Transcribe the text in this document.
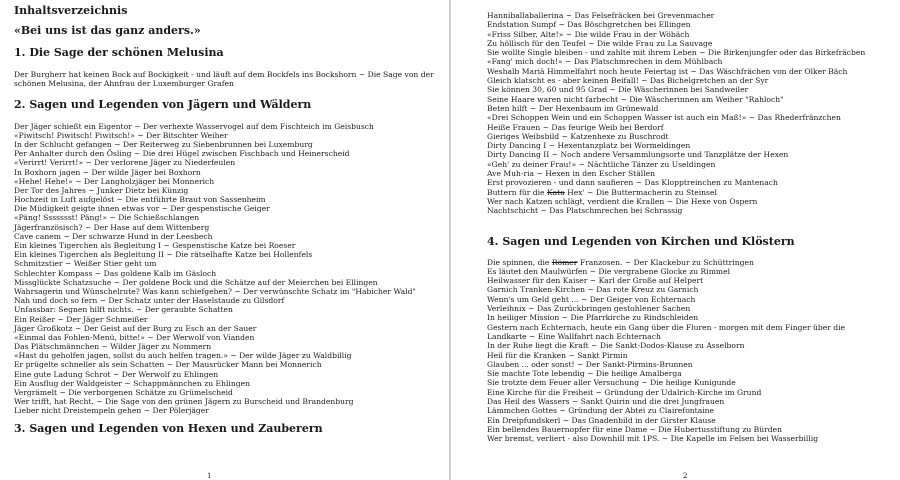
Inhaltsverzeichnis
«Bei uns ist das ganz anders.»
1. Die Sage der schönen Melusina

Der Burgherr hat keinen Bock auf Bockigkeit - und läuft auf dem Bockfels ins Bockshorn ~ Die Sage von der schönen Melusina, der Ahnfrau der Luxemburger Grafen

2. Sagen und Legenden von Jägern und Wäldern
Der Jäger schießt ein Eigentor ~ Der verhexte Wasservogel auf dem Fischteich im Geisbusch
«Piwitsch! Piwitsch! Piwitsch!» ~ Der Bitschter Weiher
In der Schlucht gefangen ~ Der Reiterweg zu Siebenbrunnen bei Luxemburg
Per Anhalter durch den Ösling ~ Die drei Hügel zwischen Fischbach und Heinerscheid
«Verirrt! Verirrt!» ~ Der verlorene Jäger zu Niederfeulen
In Boxhorn jagen ~ Der wilde Jäger bei Boxhorn
«Hehe! Hehe!» ~ Der Langholzjäger bei Monnerich
Der Tor des Jahres ~ Junker Dietz bei Künzig
Hochzeit in Luft aufgelöst ~ Die entführte Braut von Sassenheim
Die Müdigkeit geigte ihnen etwas vor ~ Der gespenstische Geiger
«Päng! Ssssssst! Päng!» ~ Die Schießschlangen
Jägerfranzösisch? ~ Der Hase auf dem Wittenberg
Cave canem ~ Der schwarze Hund in der Leesbech
Ein kleines Tigerchen als Begleitung I ~ Gespenstische Katze bei Roeser
Ein kleines Tigerchen als Begleitung II ~ Die rätselhafte Katze bei Hollenfels
Schmitzstier ~ Weißer Stier geht um
Schlechter Kompass ~ Das goldene Kalb im Gäsloch
Missglückte Schatzsuche ~ Der goldene Bock und die Schätze auf der Meierchen bei Ellingen
Wahrsagerin und Wünschelrute? Was kann schiefgehen? ~ Der verwünschte Schatz im "Habicher Wald"
Nah und doch so fern ~ Der Schatz unter der Haselstaude zu Gilsdorf
Unfassbar: Segnen hilft nichts. ~ Der geraubte Schatten
Ein Reißer ~ Der Jäger Schmeißer
Jäger Großkotz ~ Der Geist auf der Burg zu Esch an der Sauer
«Einmal das Fohlen-Menü, bitte!» ~ Der Werwolf von Vianden
Das Plätschmännchen ~ Wilder Jäger zu Nommern
«Hast du geholfen jagen, sollst du auch helfen tragen.» ~ Der wilde Jäger zu Waldbillig
Er prügelte schneller als sein Schatten ~ Der Mausrücker Mann bei Monnerich
Eine gute Ladung Schrot ~ Der Werwolf zu Ehlingen
Ein Ausflug der Waldgeister ~ Schappmännchen zu Ehlingen
Vergrämelt ~ Die verborgenen Schätze zu Grümelscheid
Wer trifft, hat Recht. ~ Die Sage von den grünen Jägern zu Burscheid und Brandenburg
Lieber nicht Dreistempeln gehen ~ Der Pölerjäger
3. Sagen und Legenden von Hexen und Zauberern
1
Hanniballaballerina ~ Das Felsefräcken bei Grevenmacher
Endstation Sumpf ~ Das Böschgretchen bei Ellingen
«Friss Silber, Alte!» ~ Die wilde Frau in der Wöbäch
Zu höllisch für den Teufel ~ Die wilde Frau zu La Sauvage
Sie wollte Single bleiben - und zahlte mit ihrem Leben ~ Die Birkenjungfer oder das Birkefräcben
«Fang' mich doch!» ~ Das Platschmrechen in dem Mühlbach
Weshalb Mariä Himmelfahrt noch heute Feiertag ist ~ Das Wäschfrächen von der Olker Bäch
Gleich klatscht es - aber keinen Beifall! ~ Das Bichelgretchen an der Syr
Sie können 30, 60 und 95 Grad ~ Die Wäscherinnen bei Sandweiler
Seine Haare waren nicht farbecht ~ Die Wäscherinnen am Weiher "Rahloch"
Beten hilft ~ Der Hexenbaum im Grünewald
«Drei Schoppen Wein und ein Schoppen Wasser ist auch ein Maß!» ~ Das Rhederfränzchen
Heiße Frauen ~ Das feurige Weib bei Berdorf
Gieriges Weibsbild ~ Katzenhexe zu Buschrodt
Dirty Dancing I ~ Hexentanzplatz bei Wormeldingen
Dirty Dancing II ~ Noch andere Versammlungsorte und Tanzplätze der Hexen
«Geh' zu deiner Frau!» ~ Nächtliche Tänzer zu Useldingen
Ave Muh-ria ~ Hexen in den Escher Ställen
Erst provozieren - und dann saufieren ~ Das Klopptreinchen zu Mantenach
Buttern für die Kata Hex' ~ Die Buttermacherin zu Steinsel
Wer nach Katzen schlägt, verdient die Krallen ~ Die Hexe von Ospern
Nachtschicht ~ Das Platschmrechen bei Schrassig
4. Sagen und Legenden von Kirchen und Klöstern
Die spinnen, die Römer Franzosen. ~ Der Klackebur zu Schüttringen
Es läutet den Maulwürfen ~ Die vergrabene Glocke zu Rimmel
Heilwasser für den Kaiser ~ Karl der Große auf Helpert
Garnich Tranken-Kirchen ~ Das rote Kreuz zu Garnich
Wenn's um Geld geht ... ~ Der Geiger von Echternach
Verleihnix ~ Das Zurückbringen gestohlener Sachen
In heiliger Mission ~ Die Pfarrkirche zu Rindschleiden
Gestern nach Echternach, heute ein Gang über die Fluren - morgen mit dem Finger über die Landkarte ~ Eine Wallfahrt nach Echternach
In der Ruhe liegt die Kraft ~ Die Sankt-Dodos-Klause zu Asselborn
Heil für die Kranken ~ Sankt Pirmin
Glauben ... oder sonst! ~ Der Sankt-Pirmins-Brunnen
Sie machte Tote lebendig ~ Die heilige Amalberga
Sie trotzte dem Feuer aller Versuchung ~ Die heilige Kunigunde
Eine Kirche für die Freiheit ~ Gründung der Udalrich-Kirche im Grund
Das Heil des Wassers ~ Sankt Quirin und die drei Jungfrauen
Lämmchen Gottes ~ Gründung der Abtei zu Clairefontaine
Ein Dreipfundskerl ~ Das Gnadenbild in der Girster Klause
Ein bellendes Bauernopfer für eine Dame ~ Die Hubertusstiftung zu Bürden
Wer bremst, verliert - also Downhill mit 1PS. ~ Die Kapelle im Felsen bei Wasserbillig
2
